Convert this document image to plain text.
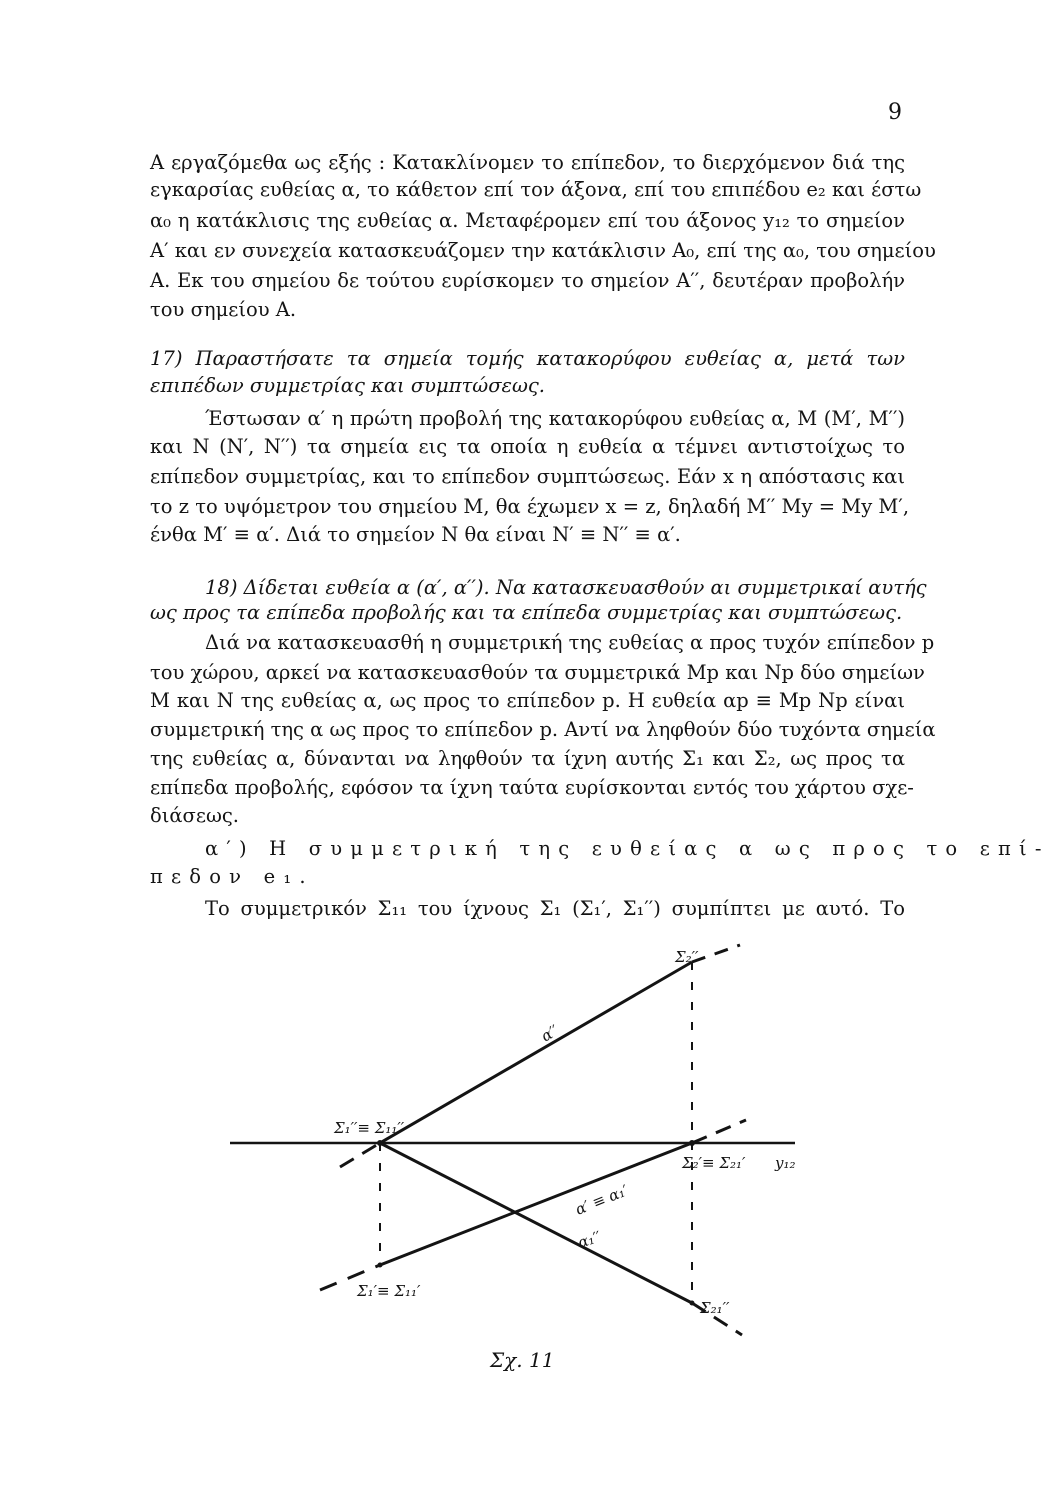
9
Α εργαζόμεθα ως εξής : Κατακλίνομεν το επίπεδον, το διερχόμενον διά της
εγκαρσίας ευθείας α, το κάθετον επί τον άξονα, επί του επιπέδου e₂ και έστω
α₀ η κατάκλισις της ευθείας α. Μεταφέρομεν επί του άξονος y₁₂ το σημείον
Α′ και εν συνεχεία κατασκευάζομεν την κατάκλισιν Α₀, επί της α₀, του σημείου
Α. Εκ του σημείου δε τούτου ευρίσκομεν το σημείον Α′′, δευτέραν προβολήν
του σημείου Α.
17) Παραστήσατε τα σημεία τομής κατακορύφου ευθείας α, μετά των
επιπέδων συμμετρίας και συμπτώσεως.
Έστωσαν α′ η πρώτη προβολή της κατακορύφου ευθείας α, Μ (Μ′, Μ′′)
και Ν (Ν′, Ν′′) τα σημεία εις τα οποία η ευθεία α τέμνει αντιστοίχως το
επίπεδον συμμετρίας, και το επίπεδον συμπτώσεως. Εάν x η απόστασις και
το z το υψόμετρον του σημείου Μ, θα έχωμεν x = z, δηλαδή M′′ My = My M′,
ένθα Μ′ ≡ α′. Διά το σημείον Ν θα είναι Ν′ ≡ Ν′′ ≡ α′.
18) Δίδεται ευθεία α (α′, α′′). Να κατασκευασθούν αι συμμετρικαί αυτής
ως προς τα επίπεδα προβολής και τα επίπεδα συμμετρίας και συμπτώσεως.
Διά να κατασκευασθή η συμμετρική της ευθείας α προς τυχόν επίπεδον p
του χώρου, αρκεί να κατασκευασθούν τα συμμετρικά Mp και Np δύο σημείων
Μ και Ν της ευθείας α, ως προς το επίπεδον p. Η ευθεία αp ≡ Mp Np είναι
συμμετρική της α ως προς το επίπεδον p. Αντί να ληφθούν δύο τυχόντα σημεία
της ευθείας α, δύνανται να ληφθούν τα ίχνη αυτής Σ₁ και Σ₂, ως προς τα
επίπεδα προβολής, εφόσον τα ίχνη ταύτα ευρίσκονται εντός του χάρτου σχε-
διάσεως.
α′) Η συμμετρική της ευθείας α ως προς το επί-
πεδον e₁.
Το συμμετρικόν Σ₁₁ του ίχνους Σ₁ (Σ₁′, Σ₁′′) συμπίπτει με αυτό. Το
Σ₂′′
α′′
Σ₁′′≡ Σ₁₁′′
Σ₂′≡ Σ₂₁′ y₁₂
α′ ≡ α₁′
α₁′′
Σ₁′≡ Σ₁₁′
Σ₂₁′′
Σχ. 11
